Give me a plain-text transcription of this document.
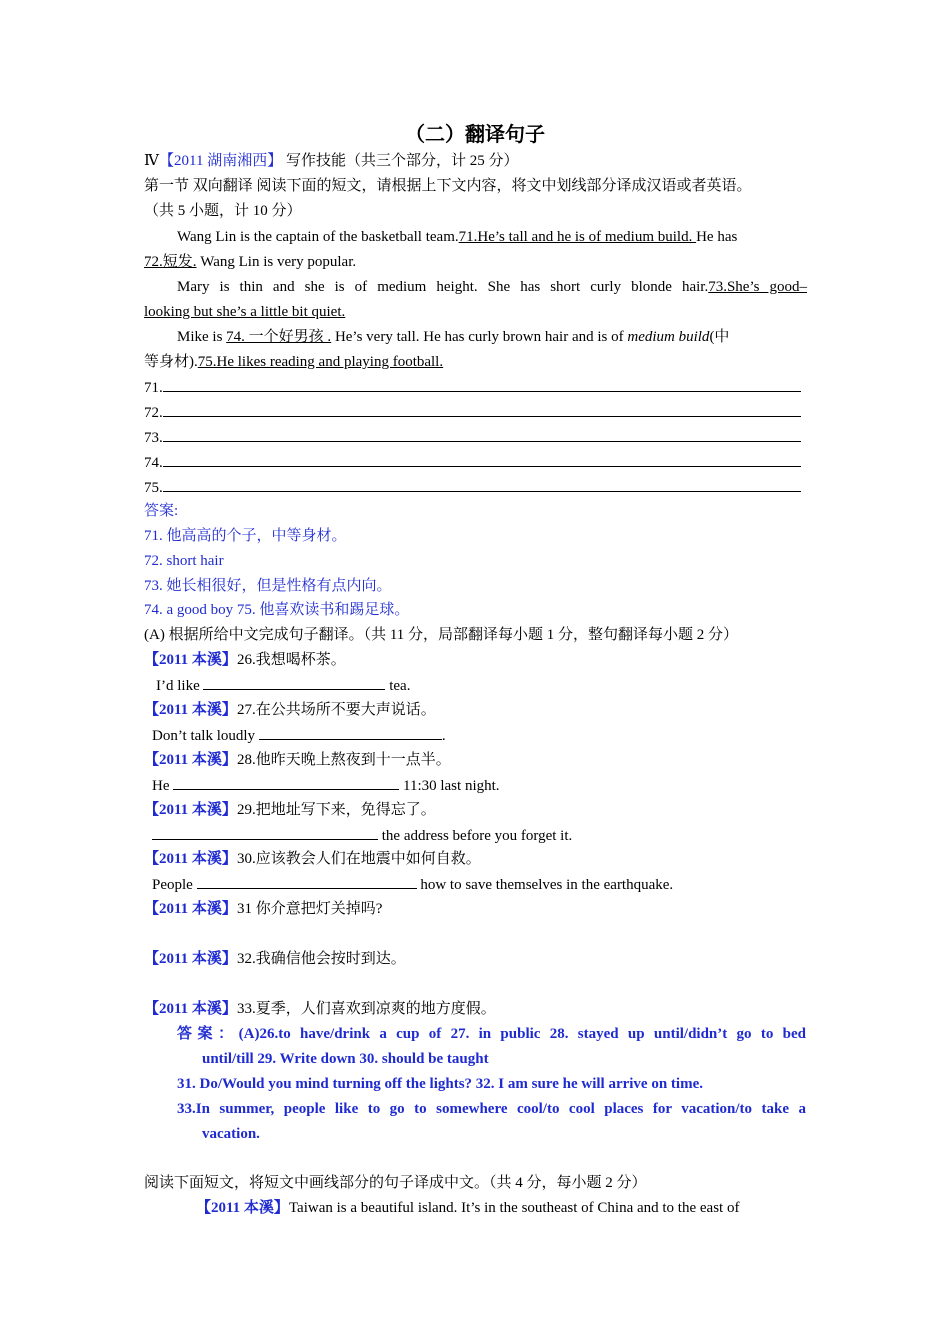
（二）翻译句子
Ⅳ【2011 湖南湘西】 写作技能（共三个部分，计 25 分）
第一节 双向翻译 阅读下面的短文，请根据上下文内容，将文中划线部分译成汉语或者英语。
（共 5 小题，计 10 分）
Wang Lin is the captain of the basketball team.71.He’s tall and he is of medium build. He has
72.短发. Wang Lin is very popular.
Mary is thin and she is of medium height. She has short curly blonde hair.73.She’s good–
looking but she’s a little bit quiet.
Mike is 74. 一个好男孩 . He’s very tall. He has curly brown hair and is of medium build(中
等身材).75.He likes reading and playing football.
71.
72.
73.
74.
75.
答案:
71. 他高高的个子，中等身材。
72. short hair
73. 她长相很好，但是性格有点内向。
74. a good boy 75. 他喜欢读书和踢足球。
(A) 根据所给中文完成句子翻译。（共 11 分，局部翻译每小题 1 分，整句翻译每小题 2 分）
【2011 本溪】26.我想喝杯茶。
I’d like	tea.
【2011 本溪】27.在公共场所不要大声说话。
Don’t talk loudly	.
【2011 本溪】28.他昨天晚上熬夜到十一点半。
He	11:30 last night.
【2011 本溪】29.把地址写下来，免得忘了。
the address before you forget it.
【2011 本溪】30.应该教会人们在地震中如何自救。
People	how to save themselves in the earthquake.
【2011 本溪】31 你介意把灯关掉吗?
【2011 本溪】32.我确信他会按时到达。
【2011 本溪】33.夏季，人们喜欢到凉爽的地方度假。
答案：(A)26.to have/drink a cup of 27. in public 28. stayed up until/didn’t go to bed
until/till 29. Write down 30. should be taught
31. Do/Would you mind turning off the lights? 32. I am sure he will arrive on time.
33.In summer, people like to go to somewhere cool/to cool places for vacation/to take a
vacation.
阅读下面短文，将短文中画线部分的句子译成中文。（共 4 分，每小题 2 分）
【2011 本溪】Taiwan is a beautiful island. It’s in the southeast of China and to the east of
